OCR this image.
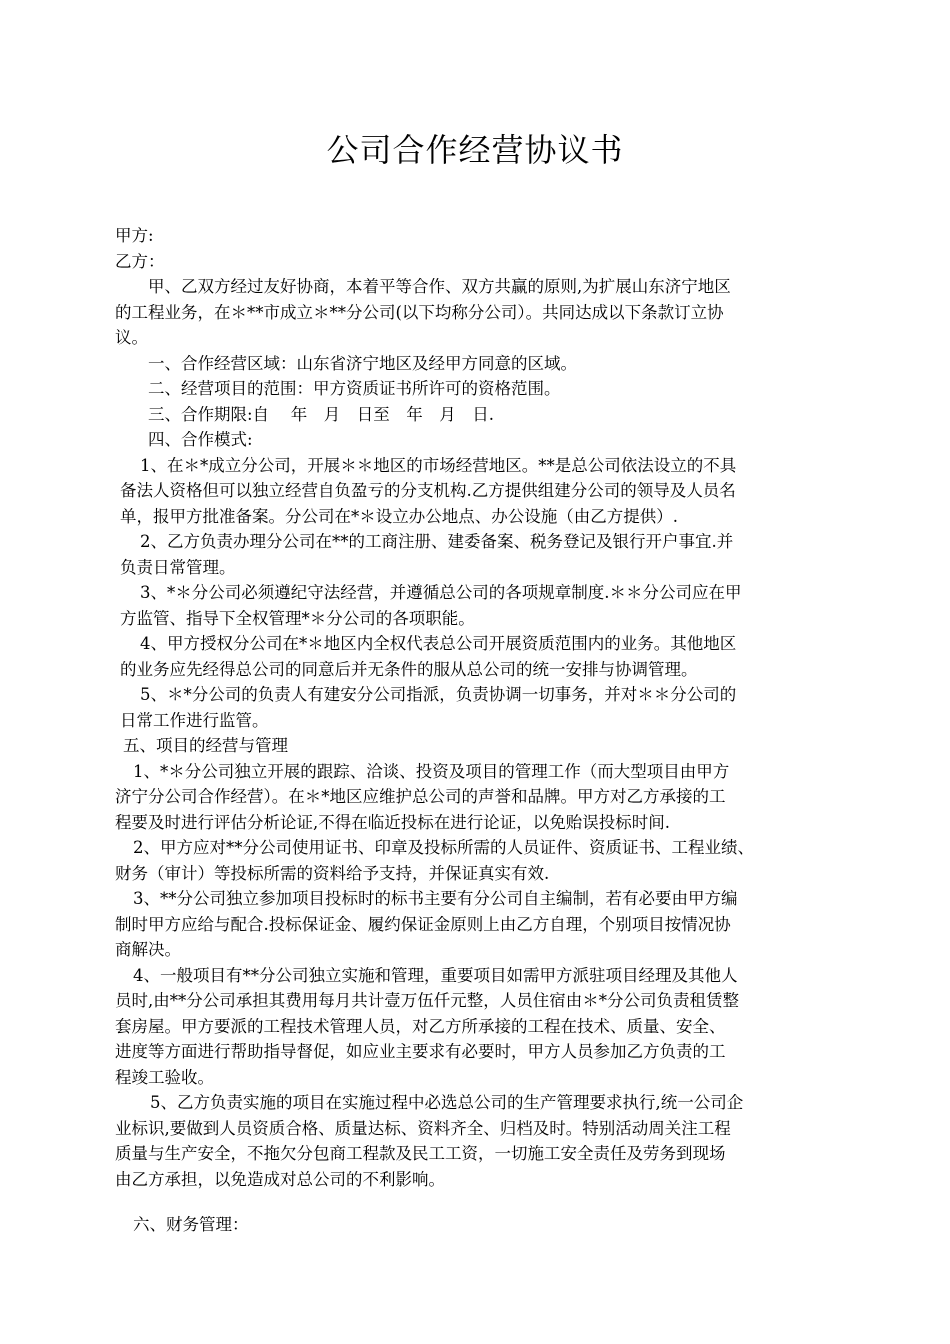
公司合作经营协议书
甲方:
乙方：
甲、乙双方经过友好协商，本着平等合作、双方共赢的原则,为扩展山东济宁地区
的工程业务，在＊**市成立＊**分公司(以下均称分公司）。共同达成以下条款订立协
议。
一、合作经营区域：山东省济宁地区及经甲方同意的区域。
二、经营项目的范围：甲方资质证书所许可的资格范围。
三、合作期限:自　 年　月　日至　年　月　日.
四、合作模式:
1、在＊*成立分公司，开展＊＊地区的市场经营地区。**是总公司依法设立的不具
备法人资格但可以独立经营自负盈亏的分支机构.乙方提供组建分公司的领导及人员名
单，报甲方批准备案。分公司在*＊设立办公地点、办公设施（由乙方提供）.
2、乙方负责办理分公司在**的工商注册、建委备案、税务登记及银行开户事宜.并
负责日常管理。
3、*＊分公司必须遵纪守法经营，并遵循总公司的各项规章制度.＊＊分公司应在甲
方监管、指导下全权管理*＊分公司的各项职能。
4、甲方授权分公司在*＊地区内全权代表总公司开展资质范围内的业务。其他地区
的业务应先经得总公司的同意后并无条件的服从总公司的统一安排与协调管理。
5、＊*分公司的负责人有建安分公司指派，负责协调一切事务，并对＊＊分公司的
日常工作进行监管。
五、项目的经营与管理
1、*＊分公司独立开展的跟踪、洽谈、投资及项目的管理工作（而大型项目由甲方
济宁分公司合作经营）。在＊*地区应维护总公司的声誉和品牌。甲方对乙方承接的工
程要及时进行评估分析论证,不得在临近投标在进行论证，以免贻误投标时间.
2、甲方应对**分公司使用证书、印章及投标所需的人员证件、资质证书、工程业绩、
财务（审计）等投标所需的资料给予支持，并保证真实有效.
3、**分公司独立参加项目投标时的标书主要有分公司自主编制，若有必要由甲方编
制时甲方应给与配合.投标保证金、履约保证金原则上由乙方自理，个别项目按情况协
商解决。
4、一般项目有**分公司独立实施和管理，重要项目如需甲方派驻项目经理及其他人
员时,由**分公司承担其费用每月共计壹万伍仟元整，人员住宿由＊*分公司负责租赁整
套房屋。甲方要派的工程技术管理人员，对乙方所承接的工程在技术、质量、安全、
进度等方面进行帮助指导督促，如应业主要求有必要时，甲方人员参加乙方负责的工
程竣工验收。
5、乙方负责实施的项目在实施过程中必选总公司的生产管理要求执行,统一公司企
业标识,要做到人员资质合格、质量达标、资料齐全、归档及时。特别活动周关注工程
质量与生产安全，不拖欠分包商工程款及民工工资，一切施工安全责任及劳务到现场
由乙方承担，以免造成对总公司的不利影响。
六、财务管理：
